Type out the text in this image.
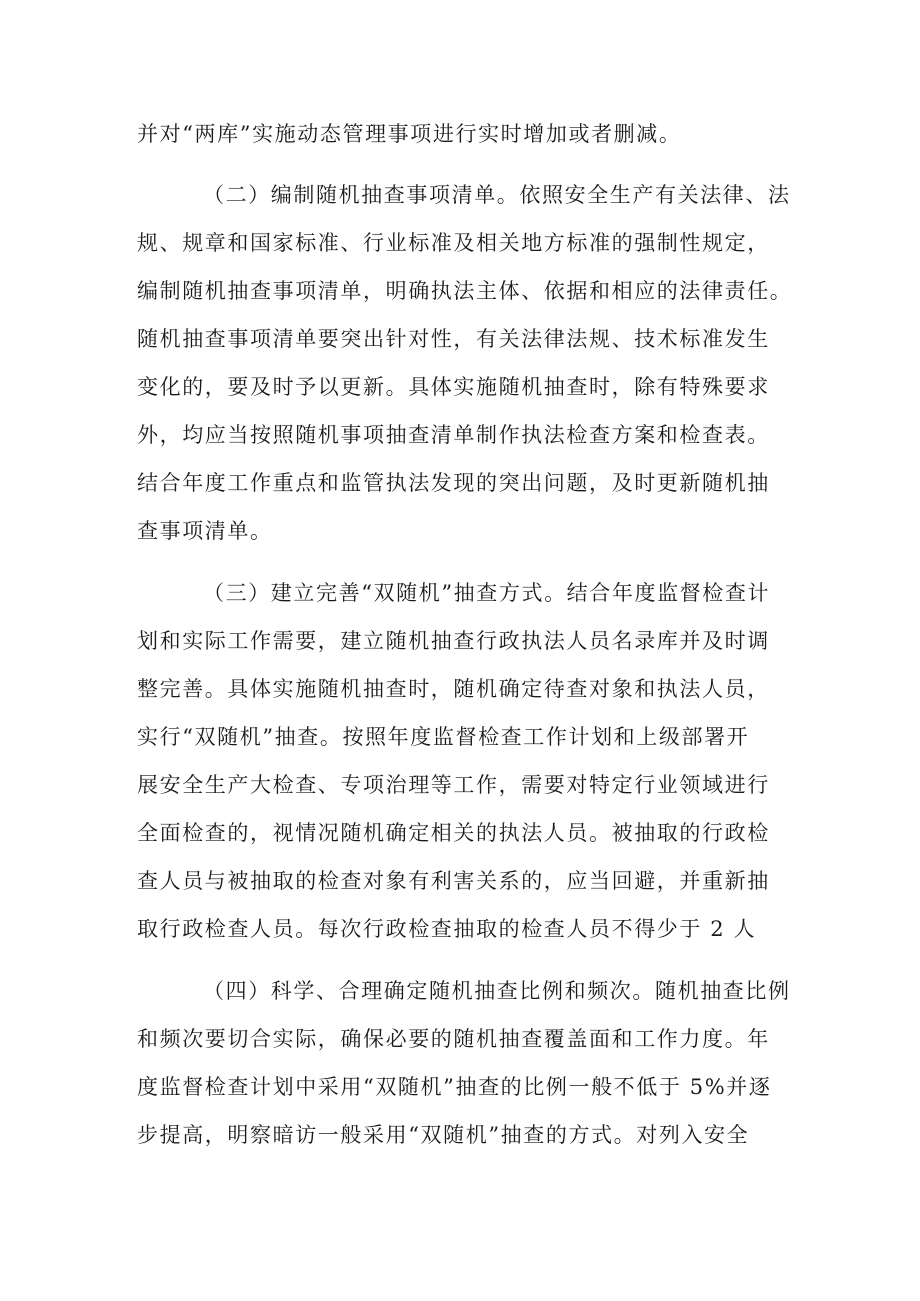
并对“两库”实施动态管理事项进行实时增加或者删减。

（二）编制随机抽查事项清单。依照安全生产有关法律、法

规、规章和国家标准、行业标准及相关地方标准的强制性规定，

编制随机抽查事项清单，明确执法主体、依据和相应的法律责任。

随机抽查事项清单要突出针对性，有关法律法规、技术标准发生

变化的，要及时予以更新。具体实施随机抽查时，除有特殊要求

外，均应当按照随机事项抽查清单制作执法检查方案和检查表。

结合年度工作重点和监管执法发现的突出问题，及时更新随机抽

查事项清单。

（三）建立完善“双随机”抽查方式。结合年度监督检查计

划和实际工作需要，建立随机抽查行政执法人员名录库并及时调

整完善。具体实施随机抽查时，随机确定待查对象和执法人员，

实行“双随机”抽查。按照年度监督检查工作计划和上级部署开

展安全生产大检查、专项治理等工作，需要对特定行业领域进行

全面检查的，视情况随机确定相关的执法人员。被抽取的行政检

查人员与被抽取的检查对象有利害关系的，应当回避，并重新抽

取行政检查人员。每次行政检查抽取的检查人员不得少于 2 人

（四）科学、合理确定随机抽查比例和频次。随机抽查比例

和频次要切合实际，确保必要的随机抽查覆盖面和工作力度。年

度监督检查计划中采用“双随机”抽查的比例一般不低于 5%并逐

步提高，明察暗访一般采用“双随机”抽查的方式。对列入安全
